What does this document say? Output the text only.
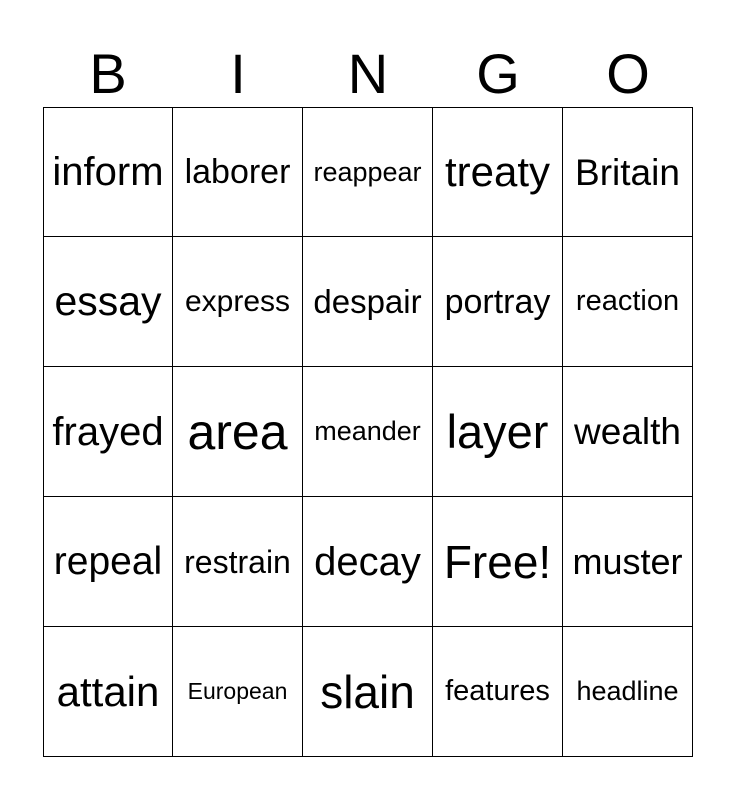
B	I	N	G	O
inform laborer reappear treaty Britain
essay express despair portray reaction
frayed area meander layer wealth
repeal restrain decay Free! muster
attain European slain features headline
